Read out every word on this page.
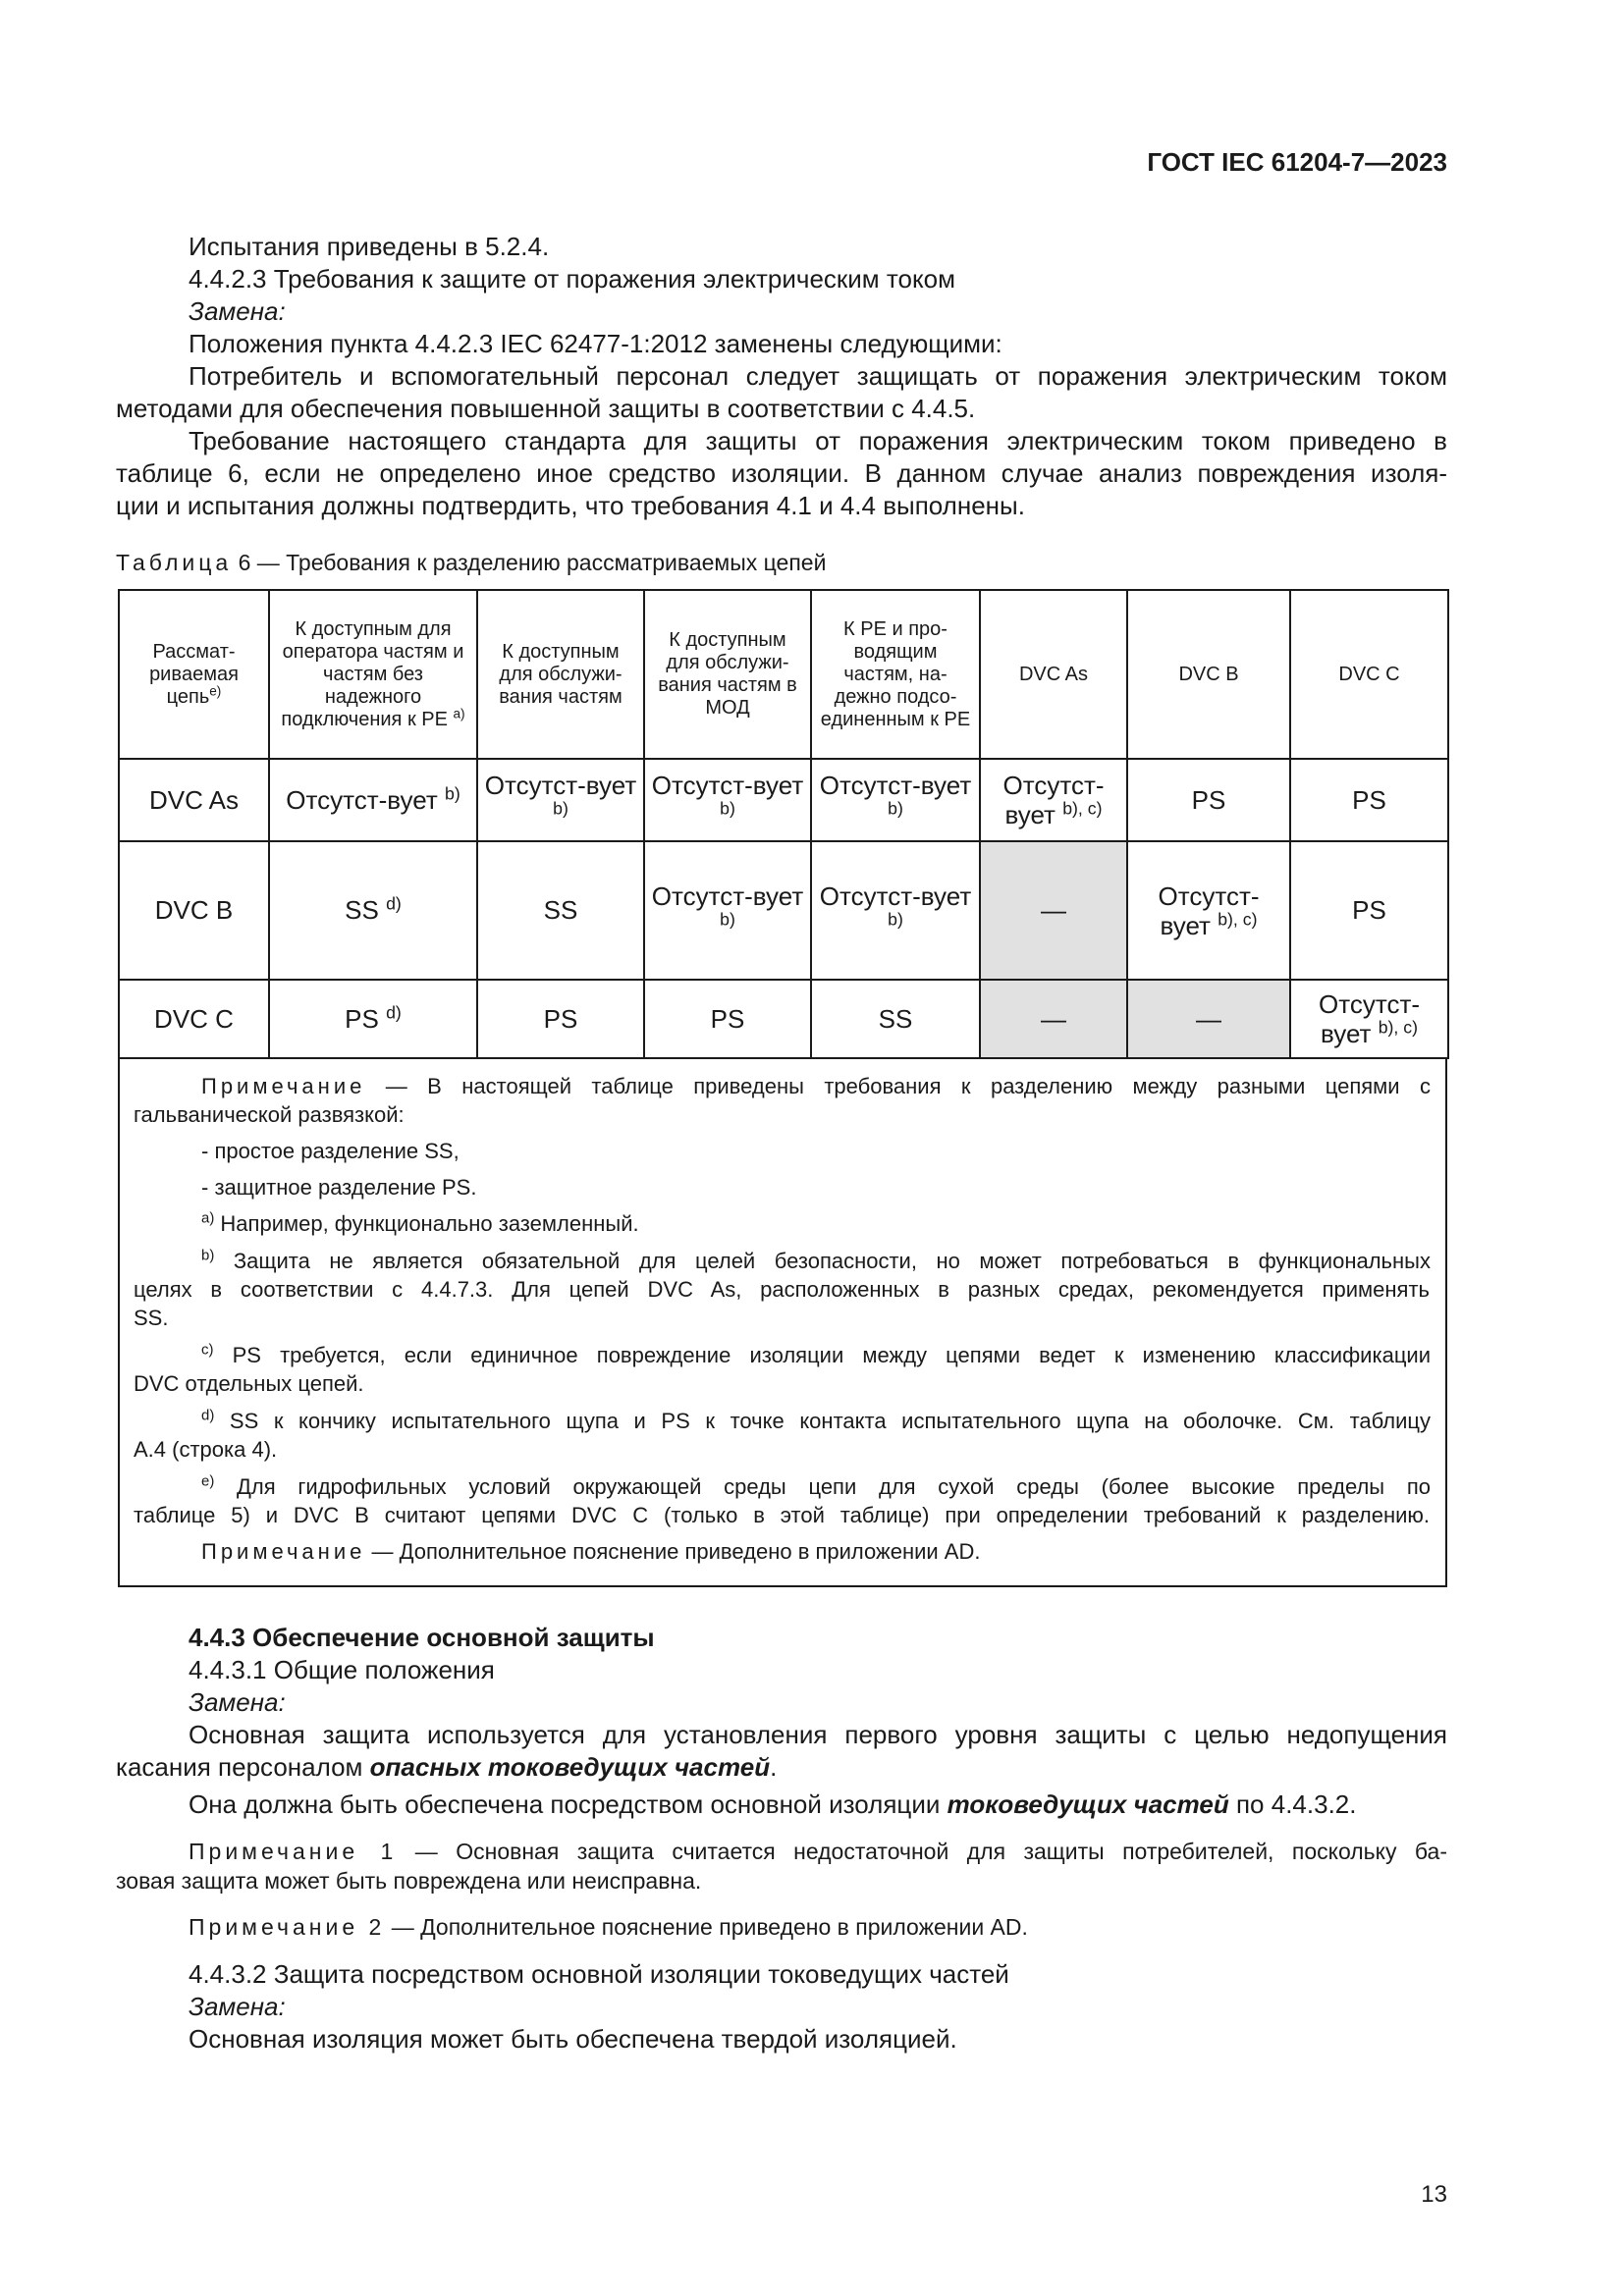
ГОСТ IEC 61204-7—2023
Испытания приведены в 5.2.4.
4.4.2.3 Требования к защите от поражения электрическим током
Замена:
Положения пункта 4.4.2.3 IEC 62477-1:2012 заменены следующими:
Потребитель и вспомогательный персонал следует защищать от поражения электрическим током
методами для обеспечения повышенной защиты в соответствии с 4.4.5.
Требование настоящего стандарта для защиты от поражения электрическим током приведено в
таблице 6, если не определено иное средство изоляции. В данном случае анализ повреждения изоля-
ции и испытания должны подтвердить, что требования 4.1 и 4.4 выполнены.
Таблица 6 — Требования к разделению рассматриваемых цепей
Рассмат-ривaемая цепь$^{e)}$	К доступным для оператора частям и частям без надежного подключения к PE $^{a)}$	К доступным для обслужи-вания частям	К доступным для обслужи-вания частям в МОД	К PE и про-водящим частям, на-дежно подсо-единенным к PE	DVC As	DVC B	DVC C
DVC As	Отсутст-вует $^{b)}$	Отсутст-вует $^{b)}$	Отсутст-вует $^{b)}$	Отсутст-вует $^{b)}$	Отсутст-вует $^{b), c)}$	PS	PS
DVC B	SS $^{d)}$	SS	Отсутст-вует $^{b)}$	Отсутст-вует $^{b)}$	—	Отсутст-вует $^{b), c)}$	PS
DVC C	PS $^{d)}$	PS	PS	SS	—	—	Отсутст-вует $^{b), c)}$
Примечание — В настоящей таблице приведены требования к разделению между разными цепями с
гальванической развязкой:
- простое разделение SS,
- защитное разделение PS.
$^{a)}$ Например, функционально заземленный.
$^{b)}$ Защита не является обязательной для целей безопасности, но может потребоваться в функциональных
целях в соответствии с 4.4.7.3. Для цепей DVC As, расположенных в разных средах, рекомендуется применять
SS.
$^{c)}$ PS требуется, если единичное повреждение изоляции между цепями ведет к изменению классификации
DVC отдельных цепей.
$^{d)}$ SS к кончику испытательного щупа и PS к точке контакта испытательного щупа на оболочке. См. таблицу
A.4 (строка 4).
$^{e)}$ Для гидрофильных условий окружающей среды цепи для сухой среды (более высокие пределы по
таблице 5) и DVC B считают цепями DVC C (только в этой таблице) при определении требований к разделению.
Примечание — Дополнительное пояснение приведено в приложении AD.
4.4.3 Обеспечение основной защиты
4.4.3.1 Общие положения
Замена:
Основная защита используется для установления первого уровня защиты с целью недопущения
касания персоналом опасных токоведущих частей.
Она должна быть обеспечена посредством основной изоляции токоведущих частей по 4.4.3.2.
Примечание 1 — Основная защита считается недостаточной для защиты потребителей, поскольку ба-
зовая защита может быть повреждена или неисправна.
Примечание 2 — Дополнительное пояснение приведено в приложении AD.
4.4.3.2 Защита посредством основной изоляции токоведущих частей
Замена:
Основная изоляция может быть обеспечена твердой изоляцией.
13
